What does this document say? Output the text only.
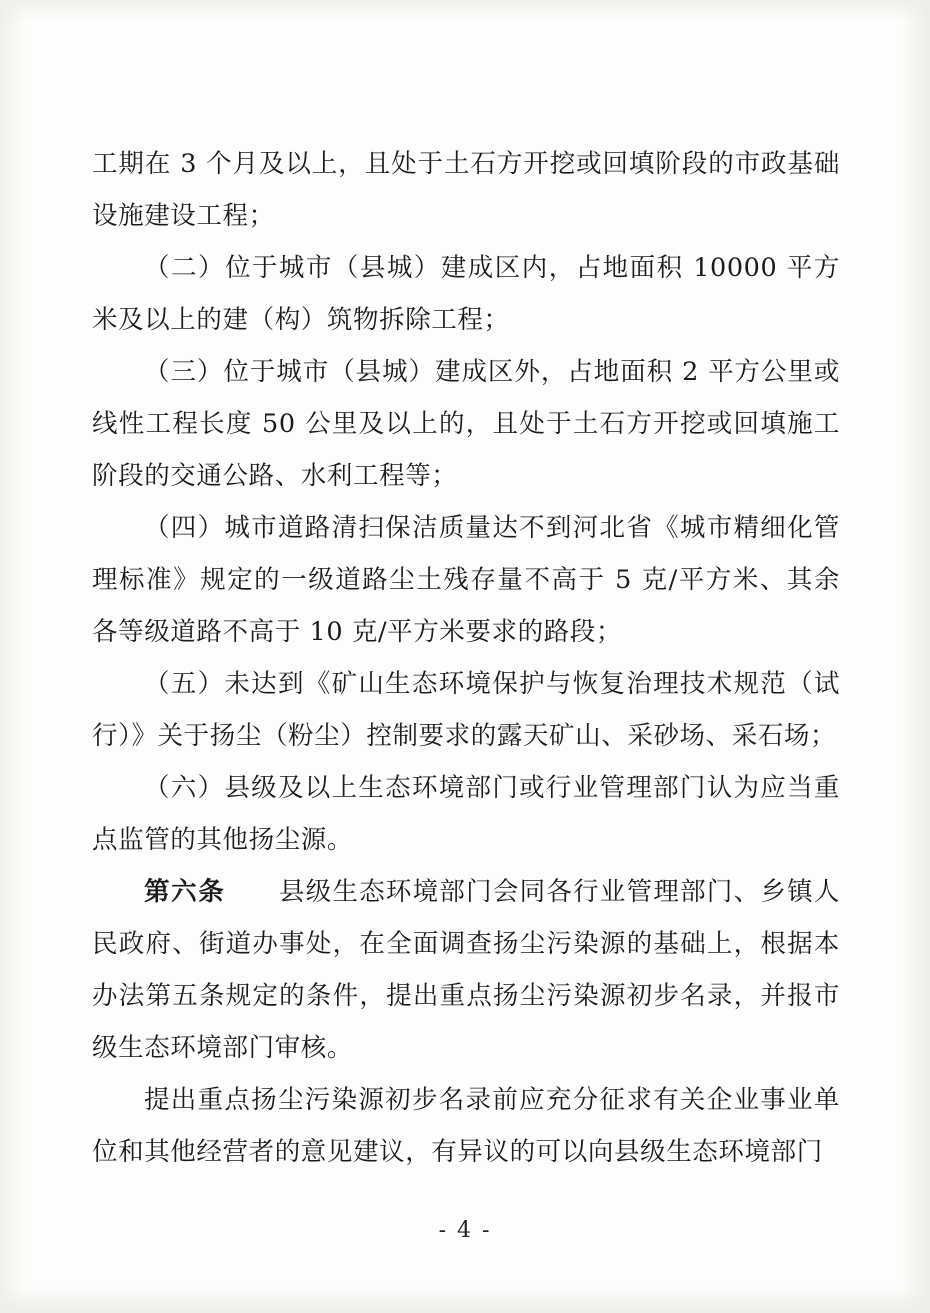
工期在 3 个月及以上，且处于土石方开挖或回填阶段的市政基础设施建设工程；

（二）位于城市（县城）建成区内，占地面积 10000 平方米及以上的建（构）筑物拆除工程；

（三）位于城市（县城）建成区外，占地面积 2 平方公里或线性工程长度 50 公里及以上的，且处于土石方开挖或回填施工阶段的交通公路、水利工程等；

（四）城市道路清扫保洁质量达不到河北省《城市精细化管理标准》规定的一级道路尘土残存量不高于 5 克/平方米、其余各等级道路不高于 10 克/平方米要求的路段；

（五）未达到《矿山生态环境保护与恢复治理技术规范（试行）》关于扬尘（粉尘）控制要求的露天矿山、采砂场、采石场；

（六）县级及以上生态环境部门或行业管理部门认为应当重点监管的其他扬尘源。

第六条　　县级生态环境部门会同各行业管理部门、乡镇人民政府、街道办事处，在全面调查扬尘污染源的基础上，根据本办法第五条规定的条件，提出重点扬尘污染源初步名录，并报市级生态环境部门审核。

提出重点扬尘污染源初步名录前应充分征求有关企业事业单位和其他经营者的意见建议，有异议的可以向县级生态环境部门

- 4 -
